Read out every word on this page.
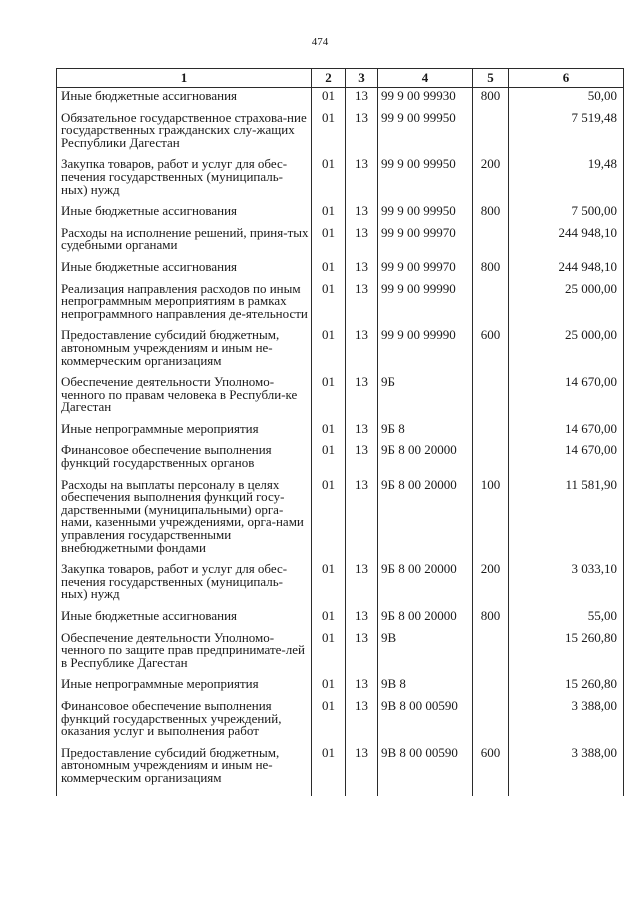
474
1	2	3	4	5	6
Иные бюджетные ассигнования	01	13	99 9 00 99930	800	50,00
Обязательное государственное страхова-ние государственных гражданских слу-жащих Республики Дагестан	01	13	99 9 00 99950		7 519,48
Закупка товаров, работ и услуг для обес-печения государственных (муниципаль-ных) нужд	01	13	99 9 00 99950	200	19,48
Иные бюджетные ассигнования	01	13	99 9 00 99950	800	7 500,00
Расходы на исполнение решений, приня-тых судебными органами	01	13	99 9 00 99970		244 948,10
Иные бюджетные ассигнования	01	13	99 9 00 99970	800	244 948,10
Реализация направления расходов по иным непрограммным мероприятиям в рамках непрограммного направления де-ятельности	01	13	99 9 00 99990		25 000,00
Предоставление субсидий бюджетным, автономным учреждениям и иным не-коммерческим организациям	01	13	99 9 00 99990	600	25 000,00
Обеспечение деятельности Уполномо-ченного по правам человека в Республи-ке Дагестан	01	13	9Б		14 670,00
Иные непрограммные мероприятия	01	13	9Б 8		14 670,00
Финансовое обеспечение выполнения функций государственных органов	01	13	9Б 8 00 20000		14 670,00
Расходы на выплаты персоналу в целях обеспечения выполнения функций госу-дарственными (муниципальными) орга-нами, казенными учреждениями, орга-нами управления государственными внебюджетными фондами	01	13	9Б 8 00 20000	100	11 581,90
Закупка товаров, работ и услуг для обес-печения государственных (муниципаль-ных) нужд	01	13	9Б 8 00 20000	200	3 033,10
Иные бюджетные ассигнования	01	13	9Б 8 00 20000	800	55,00
Обеспечение деятельности Уполномо-ченного по защите прав предпринимате-лей в Республике Дагестан	01	13	9В		15 260,80
Иные непрограммные мероприятия	01	13	9В 8		15 260,80
Финансовое обеспечение выполнения функций государственных учреждений, оказания услуг и выполнения работ	01	13	9В 8 00 00590		3 388,00
Предоставление субсидий бюджетным, автономным учреждениям и иным не-коммерческим организациям	01	13	9В 8 00 00590	600	3 388,00
